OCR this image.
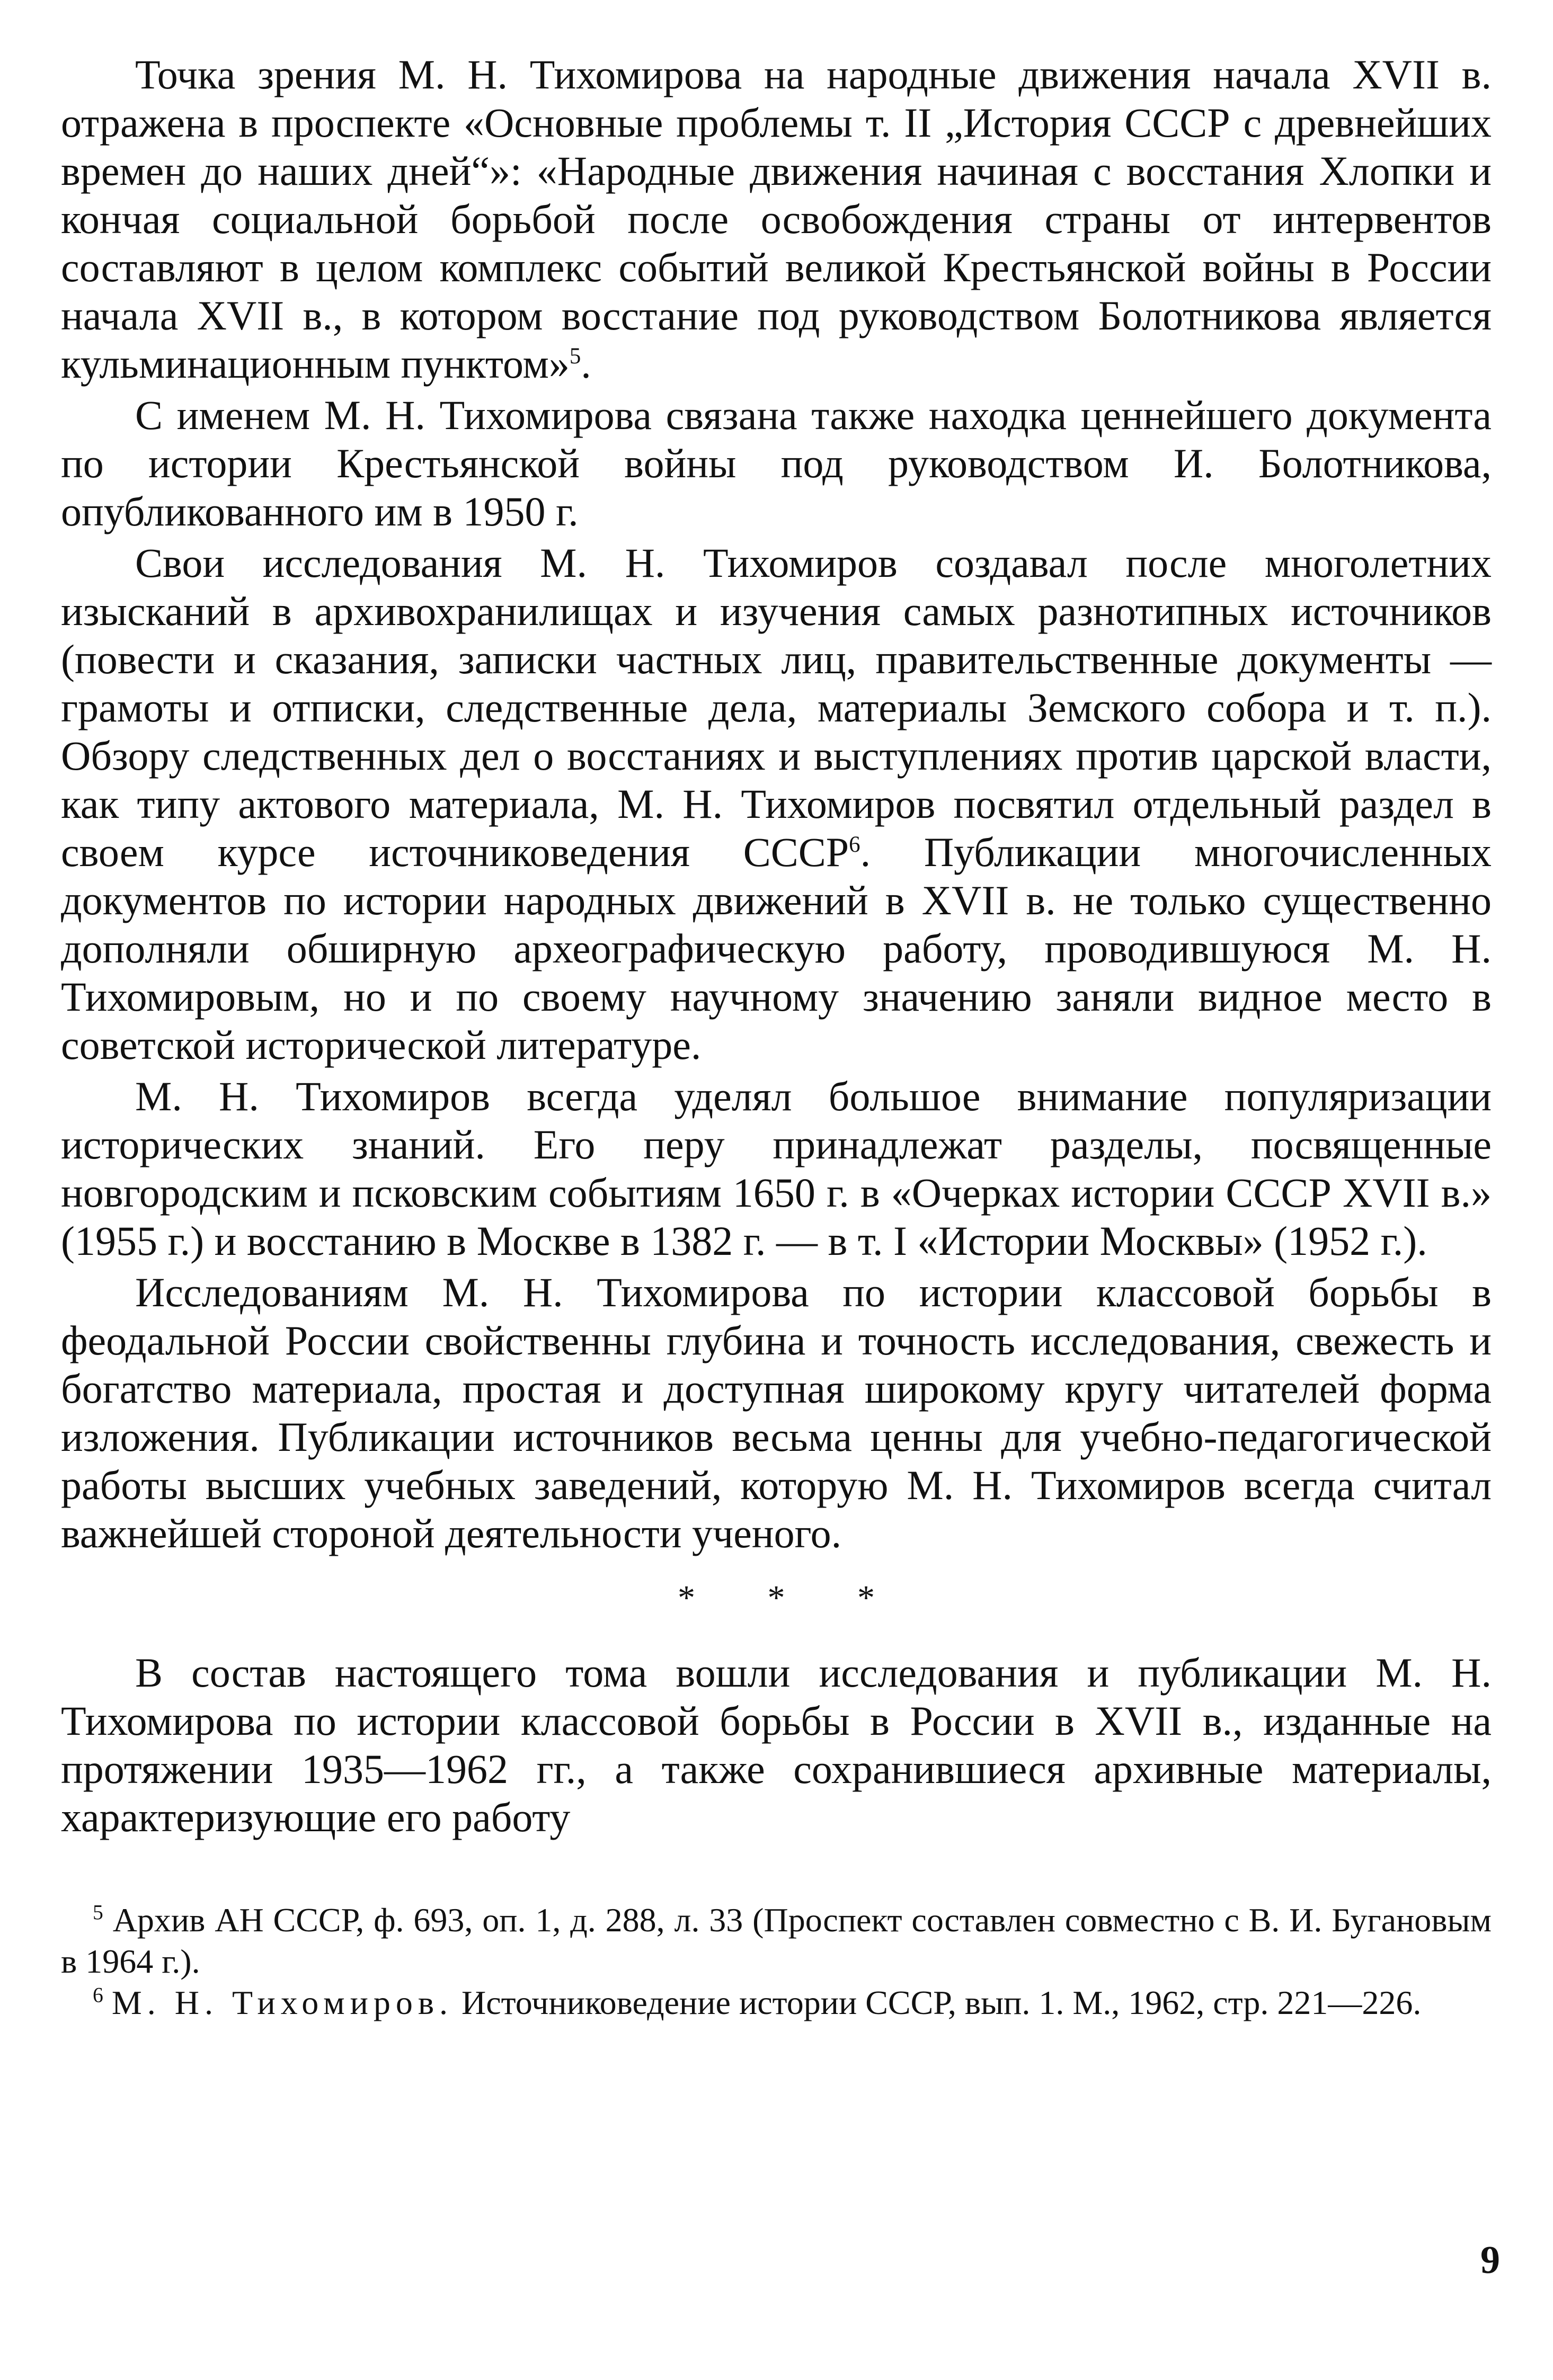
Точка зрения М. Н. Тихомирова на народные движения начала XVII в. отражена в проспекте «Основные проблемы т. II „История СССР с древнейших времен до наших дней“»: «Народные движения начиная с восстания Хлопки и кончая социальной борьбой после освобождения страны от интервентов составляют в целом комплекс событий великой Крестьянской войны в России начала XVII в., в котором восстание под руководством Болотникова является кульминационным пунктом»$^5$.

С именем М. Н. Тихомирова связана также находка ценнейшего документа по истории Крестьянской войны под руководством И. Болотникова, опубликованного им в 1950 г.

Свои исследования М. Н. Тихомиров создавал после многолетних изысканий в архивохранилищах и изучения самых разнотипных источников (повести и сказания, записки частных лиц, правительственные документы — грамоты и отписки, следственные дела, материалы Земского собора и т. п.). Обзору следственных дел о восстаниях и выступлениях против царской власти, как типу актового материала, М. Н. Тихомиров посвятил отдельный раздел в своем курсе источниковедения СССР$^6$. Публикации многочисленных документов по истории народных движений в XVII в. не только существенно дополняли обширную археографическую работу, проводившуюся М. Н. Тихомировым, но и по своему научному значению заняли видное место в советской исторической литературе.

М. Н. Тихомиров всегда уделял большое внимание популяризации исторических знаний. Его перу принадлежат разделы, посвященные новгородским и псковским событиям 1650 г. в «Очерках истории СССР XVII в.» (1955 г.) и восстанию в Москве в 1382 г. — в т. I «Истории Москвы» (1952 г.).

Исследованиям М. Н. Тихомирова по истории классовой борьбы в феодальной России свойственны глубина и точность исследования, свежесть и богатство материала, простая и доступная широкому кругу читателей форма изложения. Публикации источников весьма ценны для учебно-педагогической работы высших учебных заведений, которую М. Н. Тихомиров всегда считал важнейшей стороной деятельности ученого.

* * *

В состав настоящего тома вошли исследования и публикации М. Н. Тихомирова по истории классовой борьбы в России в XVII в., изданные на протяжении 1935—1962 гг., а также сохранившиеся архивные материалы, характеризующие его работу

$^5$ Архив АН СССР, ф. 693, оп. 1, д. 288, л. 33 (Проспект составлен совместно с В. И. Бугановым в 1964 г.).

$^6$ М. Н. Тихомиров. Источниковедение истории СССР, вып. 1. М., 1962, стр. 221—226.

9
